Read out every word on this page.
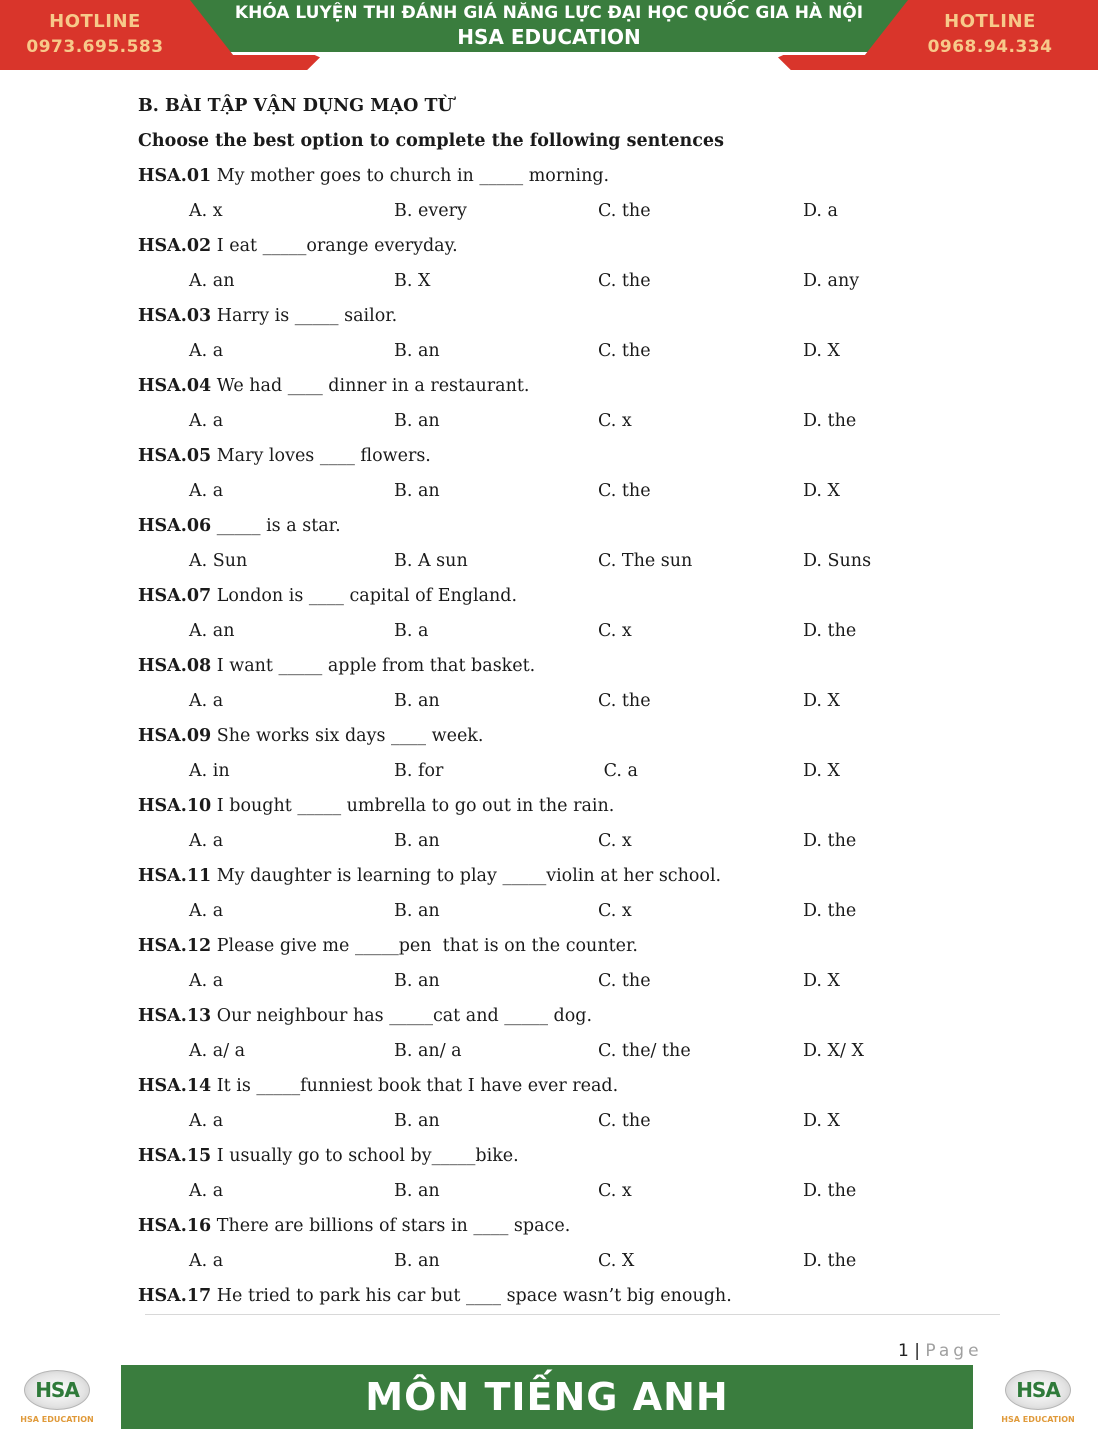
HOTLINE
0973.695.583
KHÓA LUYỆN THI ĐÁNH GIÁ NĂNG LỰC ĐẠI HỌC QUỐC GIA HÀ NỘI
HSA EDUCATION
HOTLINE
0968.94.334
B. BÀI TẬP VẬN DỤNG MẠO TỪ
Choose the best option to complete the following sentences
HSA.01 My mother goes to church in _____ morning.
A. x	B. every	C. the	D. a
HSA.02 I eat _____orange everyday.
A. an	B. X	C. the	D. any
HSA.03 Harry is _____ sailor.
A. a	B. an	C. the	D. X
HSA.04 We had ____ dinner in a restaurant.
A. a	B. an	C. x	D. the
HSA.05 Mary loves ____ flowers.
A. a	B. an	C. the	D. X
HSA.06 _____ is a star.
A. Sun	B. A sun	C. The sun	D. Suns
HSA.07 London is ____ capital of England.
A. an	B. a	C. x	D. the
HSA.08 I want _____ apple from that basket.
A. a	B. an	C. the	D. X
HSA.09 She works six days ____ week.
A. in	B. for	C. a	D. X
HSA.10 I bought _____ umbrella to go out in the rain.
A. a	B. an	C. x	D. the
HSA.11 My daughter is learning to play _____violin at her school.
A. a	B. an	C. x	D. the
HSA.12 Please give me _____pen  that is on the counter.
A. a	B. an	C. the	D. X
HSA.13 Our neighbour has _____cat and _____ dog.
A. a/ a	B. an/ a	C. the/ the	D. X/ X
HSA.14 It is _____funniest book that I have ever read.
A. a	B. an	C. the	D. X
HSA.15 I usually go to school by_____bike.
A. a	B. an	C. x	D. the
HSA.16 There are billions of stars in ____ space.
A. a	B. an	C. X	D. the
HSA.17 He tried to park his car but ____ space wasn’t big enough.
1 | Page
HSA
HSA EDUCATION
MÔN TIẾNG ANH	HSA
HSA EDUCATION
